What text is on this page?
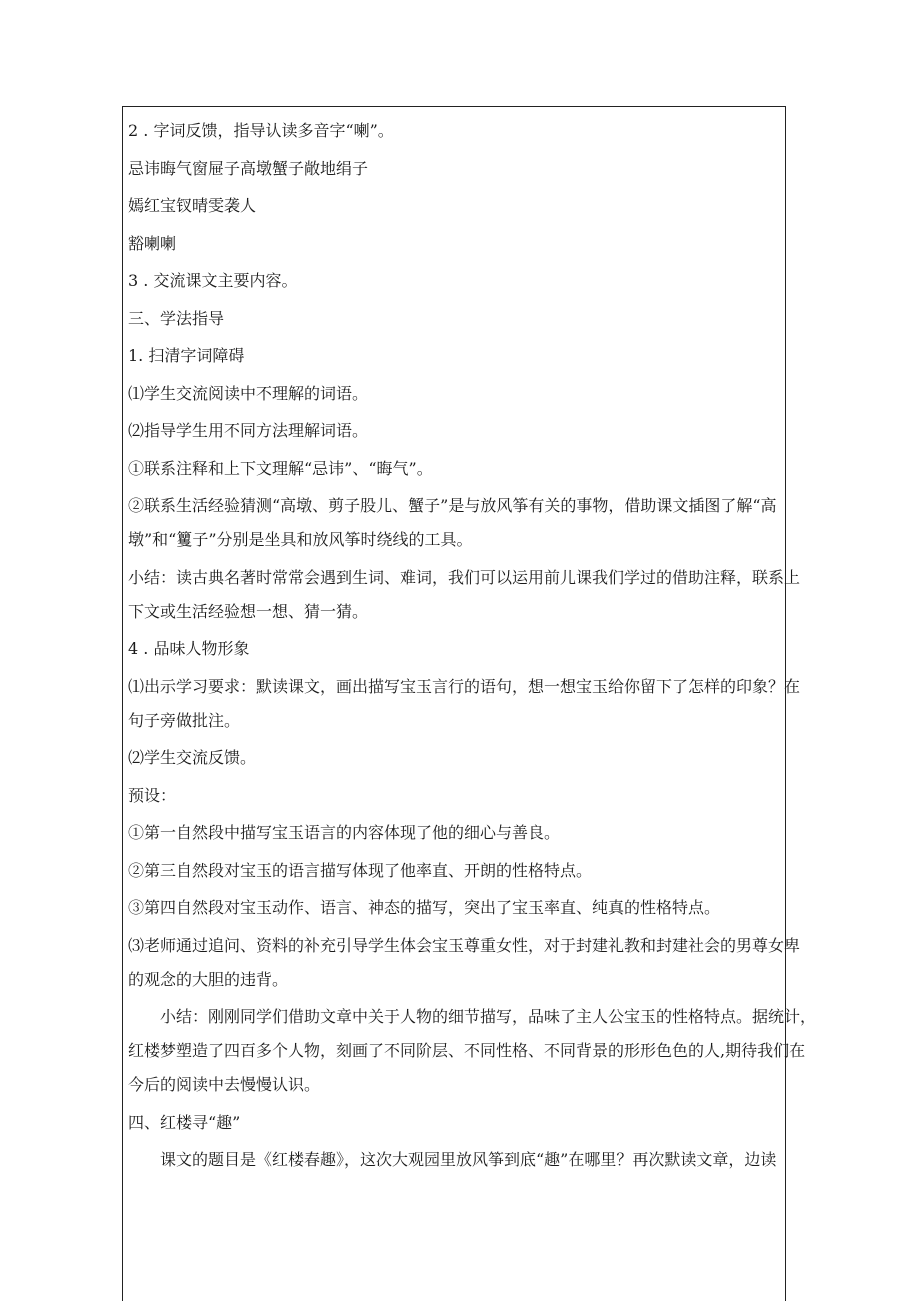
2 . 字词反馈，指导认读多音字“喇”。

忌讳晦气窗屉子高墩蟹子敞地绢子

嫣红宝钗晴雯袭人

豁喇喇

3 . 交流课文主要内容。

三、学法指导

1. 扫清字词障碍

⑴学生交流阅读中不理解的词语。

⑵指导学生用不同方法理解词语。

①联系注释和上下文理解“忌讳”、“晦气”。

②联系生活经验猜测“高墩、剪子股儿、蟹子”是与放风筝有关的事物，借助课文插图了解“高

墩”和“籰子”分别是坐具和放风筝时绕线的工具。

小结：读古典名著时常常会遇到生词、难词，我们可以运用前儿课我们学过的借助注释，联系上

下文或生活经验想一想、猜一猜。

4 . 品味人物形象

⑴出示学习要求：默读课文，画出描写宝玉言行的语句，想一想宝玉给你留下了怎样的印象？在

句子旁做批注。

⑵学生交流反馈。

预设：

①第一自然段中描写宝玉语言的内容体现了他的细心与善良。

②第三自然段对宝玉的语言描写体现了他率直、开朗的性格特点。

③第四自然段对宝玉动作、语言、神态的描写，突出了宝玉率直、纯真的性格特点。

⑶老师通过追问、资料的补充引导学生体会宝玉尊重女性，对于封建礼教和封建社会的男尊女卑

的观念的大胆的违背。

小结：刚刚同学们借助文章中关于人物的细节描写，品味了主人公宝玉的性格特点。据统计，

红楼梦塑造了四百多个人物，刻画了不同阶层、不同性格、不同背景的形形色色的人,期待我们在

今后的阅读中去慢慢认识。

四、红楼寻“趣”

课文的题目是《红楼春趣》，这次大观园里放风筝到底“趣”在哪里？再次默读文章，边读
